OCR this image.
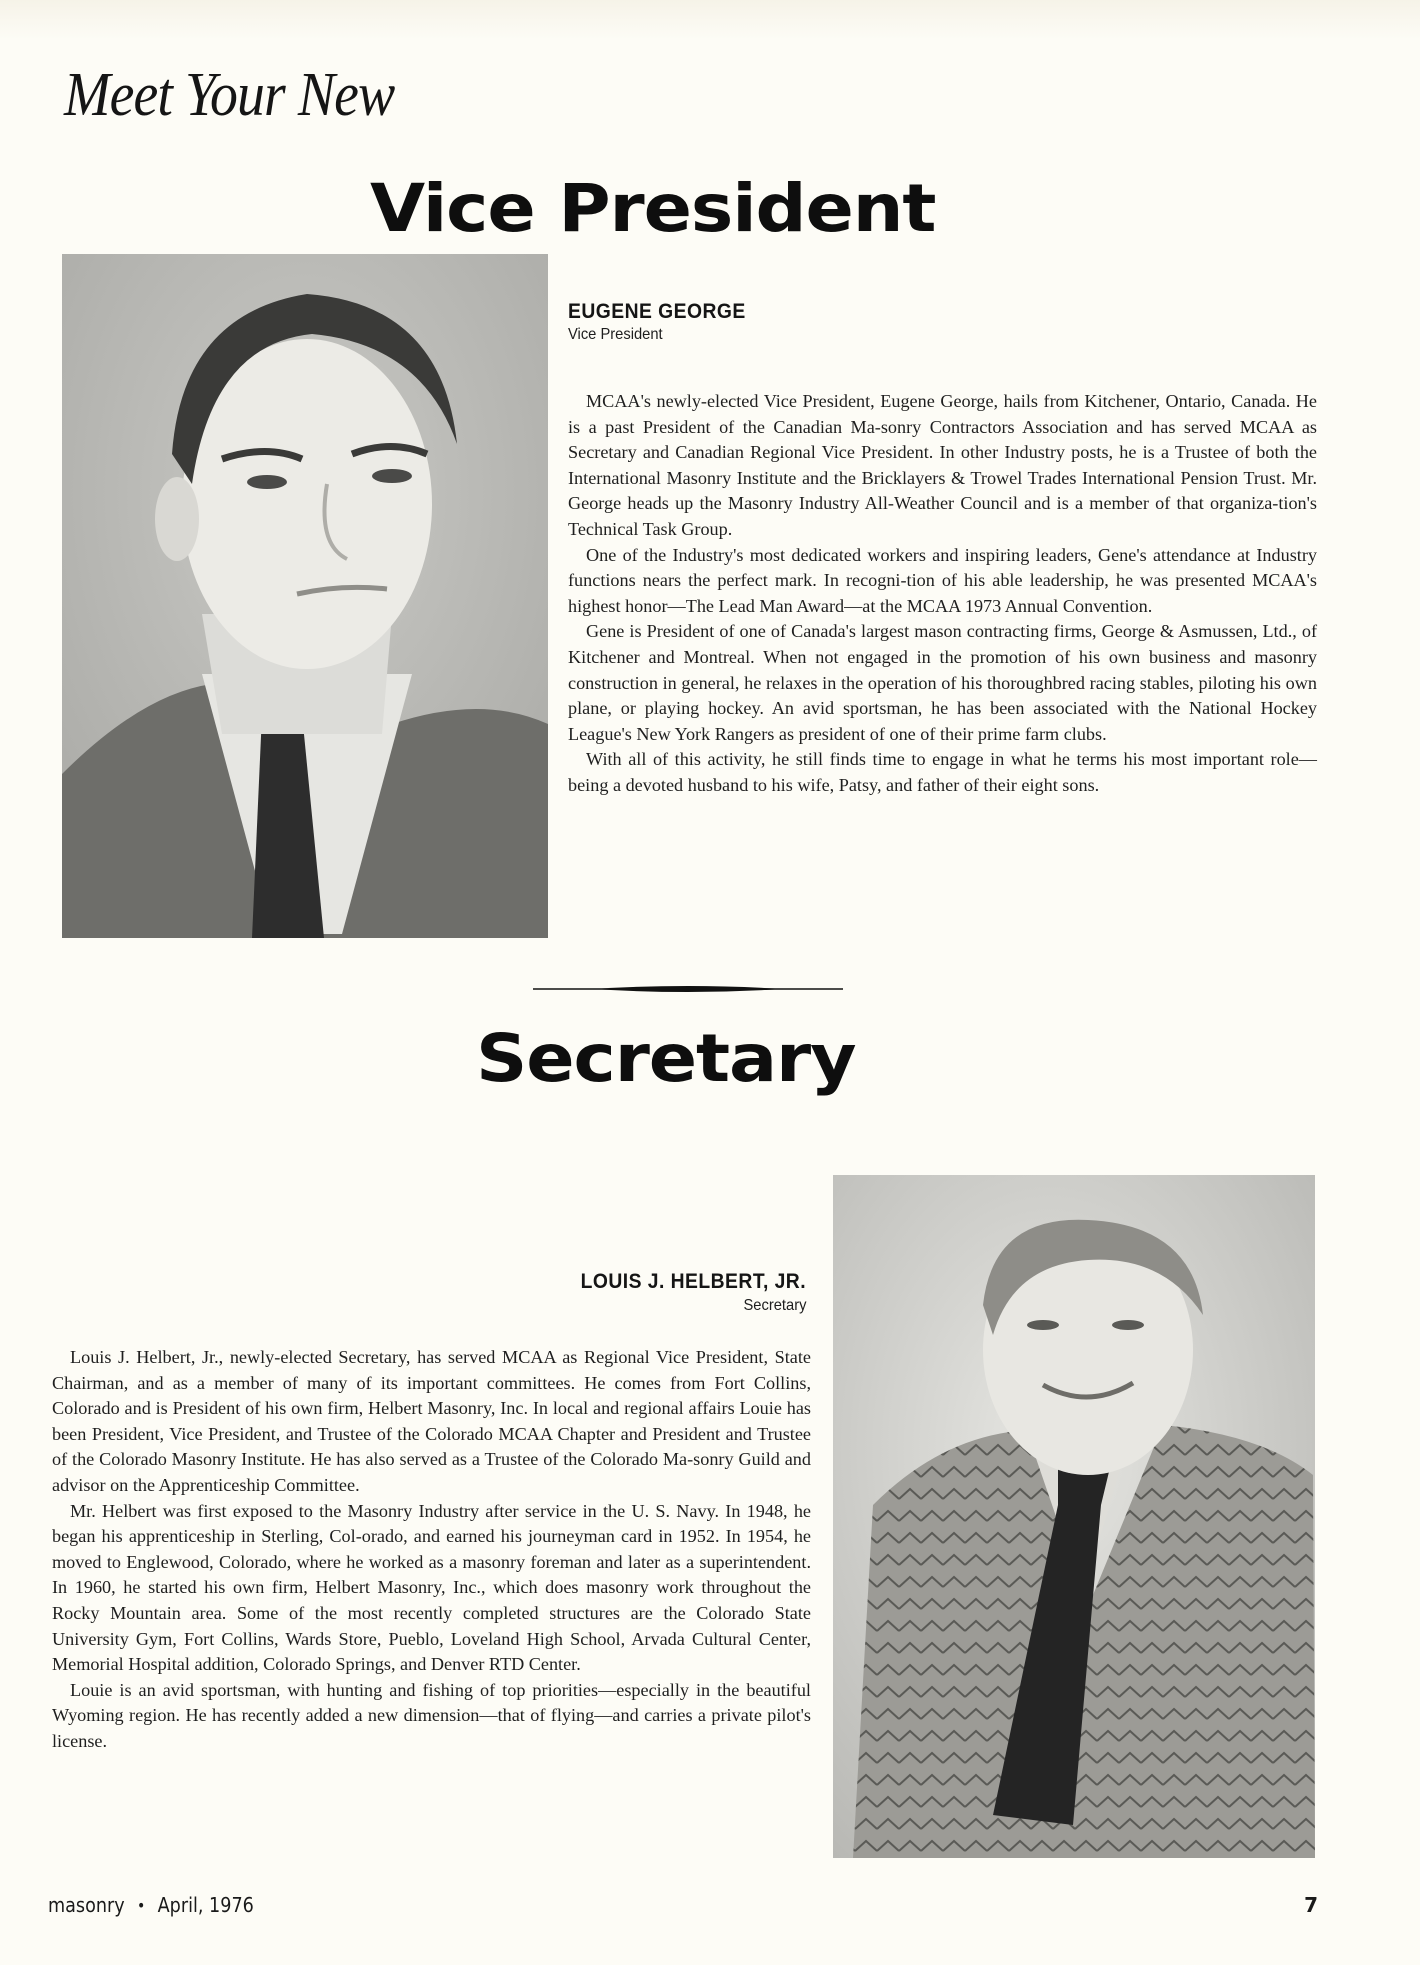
Meet Your New
Vice President
EUGENE GEORGE
Vice President

MCAA's newly-elected Vice President, Eugene George, hails from Kitchener, Ontario, Canada. He is a past President of the Canadian Ma-sonry Contractors Association and has served MCAA as Secretary and Canadian Regional Vice President. In other Industry posts, he is a Trustee of both the International Masonry Institute and the Bricklayers & Trowel Trades International Pension Trust. Mr. George heads up the Masonry Industry All-Weather Council and is a member of that organiza-tion's Technical Task Group.

One of the Industry's most dedicated workers and inspiring leaders, Gene's attendance at Industry functions nears the perfect mark. In recogni-tion of his able leadership, he was presented MCAA's highest honor—The Lead Man Award—at the MCAA 1973 Annual Convention.

Gene is President of one of Canada's largest mason contracting firms, George & Asmussen, Ltd., of Kitchener and Montreal. When not engaged in the promotion of his own business and masonry construction in general, he relaxes in the operation of his thoroughbred racing stables, piloting his own plane, or playing hockey. An avid sportsman, he has been associated with the National Hockey League's New York Rangers as president of one of their prime farm clubs.

With all of this activity, he still finds time to engage in what he terms his most important role—being a devoted husband to his wife, Patsy, and father of their eight sons.

Secretary
LOUIS J. HELBERT, JR.
Secretary

Louis J. Helbert, Jr., newly-elected Secretary, has served MCAA as Regional Vice President, State Chairman, and as a member of many of its important committees. He comes from Fort Collins, Colorado and is President of his own firm, Helbert Masonry, Inc. In local and regional affairs Louie has been President, Vice President, and Trustee of the Colorado MCAA Chapter and President and Trustee of the Colorado Masonry Institute. He has also served as a Trustee of the Colorado Ma-sonry Guild and advisor on the Apprenticeship Committee.

Mr. Helbert was first exposed to the Masonry Industry after service in the U. S. Navy. In 1948, he began his apprenticeship in Sterling, Col-orado, and earned his journeyman card in 1952. In 1954, he moved to Englewood, Colorado, where he worked as a masonry foreman and later as a superintendent. In 1960, he started his own firm, Helbert Masonry, Inc., which does masonry work throughout the Rocky Mountain area. Some of the most recently completed structures are the Colorado State University Gym, Fort Collins, Wards Store, Pueblo, Loveland High School, Arvada Cultural Center, Memorial Hospital addition, Colorado Springs, and Denver RTD Center.

Louie is an avid sportsman, with hunting and fishing of top priorities—especially in the beautiful Wyoming region. He has recently added a new dimension—that of flying—and carries a private pilot's license.

masonry • April, 1976	7
